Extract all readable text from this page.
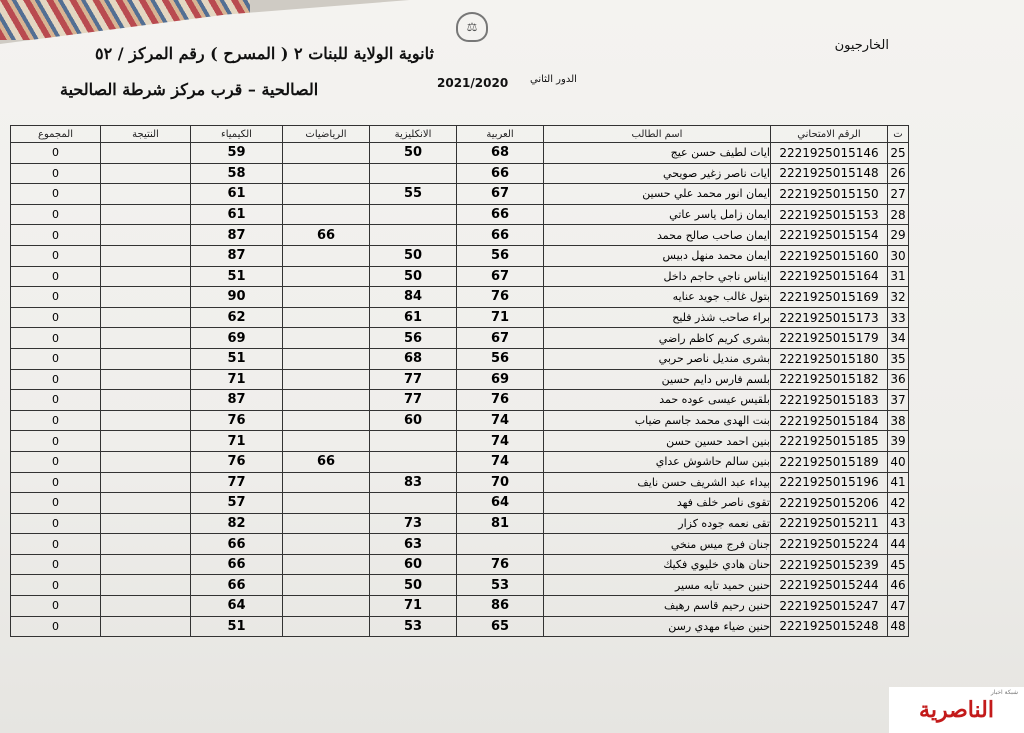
⚖
ثانوية الولاية للبنات ٢ ( المسرح ) رقم المركز / ٥٢
الصالحية – قرب مركز شرطة الصالحية
الخارجيون
الدور الثاني
2021/2020
ت	الرقم الامتحاني	اسم الطالب	العربية	الانكليزية	الرياضيات	الكيمياء	النتيجة	المجموع
25	2221925015146	ايات لطيف حسن عيج	68	50		59		0
26	2221925015148	ايات ناصر زغير صويحي	66			58		0
27	2221925015150	ايمان انور محمد علي حسين	67	55		61		0
28	2221925015153	ايمان زامل ياسر عاتي	66			61		0
29	2221925015154	ايمان صاحب صالح محمد	66		66	87		0
30	2221925015160	ايمان محمد منهل دبيس	56	50		87		0
31	2221925015164	ايناس ناجي حاجم داخل	67	50		51		0
32	2221925015169	بتول غالب جويد عنايه	76	84		90		0
33	2221925015173	براء صاحب شذر فليح	71	61		62		0
34	2221925015179	بشرى كريم كاظم راضي	67	56		69		0
35	2221925015180	بشرى منديل ناصر حربي	56	68		51		0
36	2221925015182	بلسم فارس دايم حسين	69	77		71		0
37	2221925015183	بلقيس عيسى عوده حمد	76	77		87		0
38	2221925015184	بنت الهدى محمد جاسم ضياب	74	60		76		0
39	2221925015185	بنين احمد حسين حسن	74			71		0
40	2221925015189	بنين سالم حاشوش عداي	74		66	76		0
41	2221925015196	بيداء عبد الشريف حسن نايف	70	83		77		0
42	2221925015206	تقوى ناصر خلف فهد	64			57		0
43	2221925015211	تقى نعمه جوده كزار	81	73		82		0
44	2221925015224	جنان فرج ميس منخي		63		66		0
45	2221925015239	حنان هادي خليوي فكيك	76	60		66		0
46	2221925015244	حنين حميد تايه مسير	53	50		66		0
47	2221925015247	حنين رحيم قاسم رهيف	86	71		64		0
48	2221925015248	حنين ضياء مهدي رسن	65	53		51		0
شبكة اخبار
الناصرية
